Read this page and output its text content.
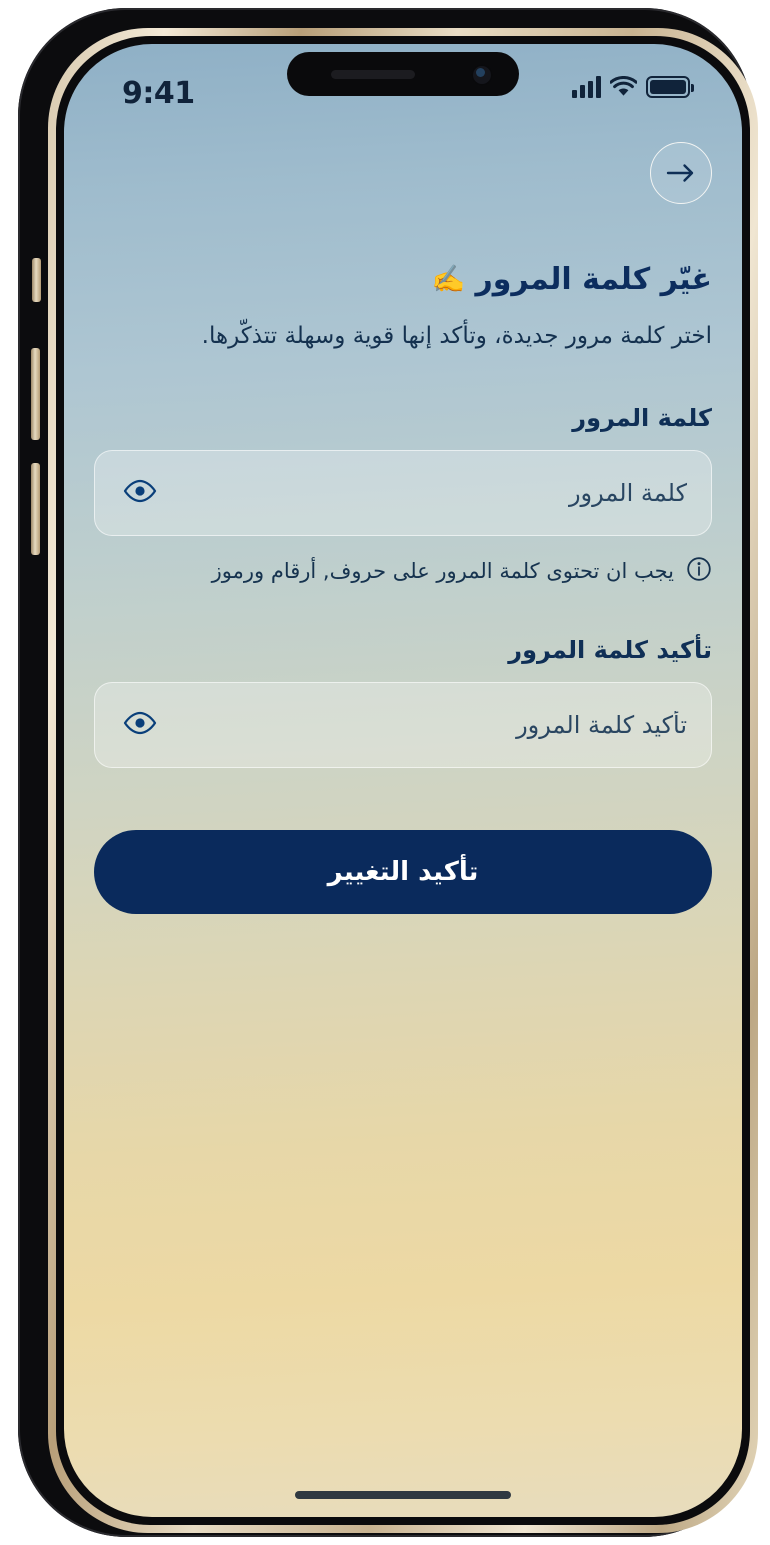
9:41
غيّر كلمة المرور
✍️
اختر كلمة مرور جديدة، وتأكد إنها قوية وسهلة تتذكّرها.
كلمة المرور
كلمة المرور
يجب ان تحتوى كلمة المرور على حروف, أرقام ورموز
تأكيد كلمة المرور
تأكيد كلمة المرور
تأكيد التغيير
